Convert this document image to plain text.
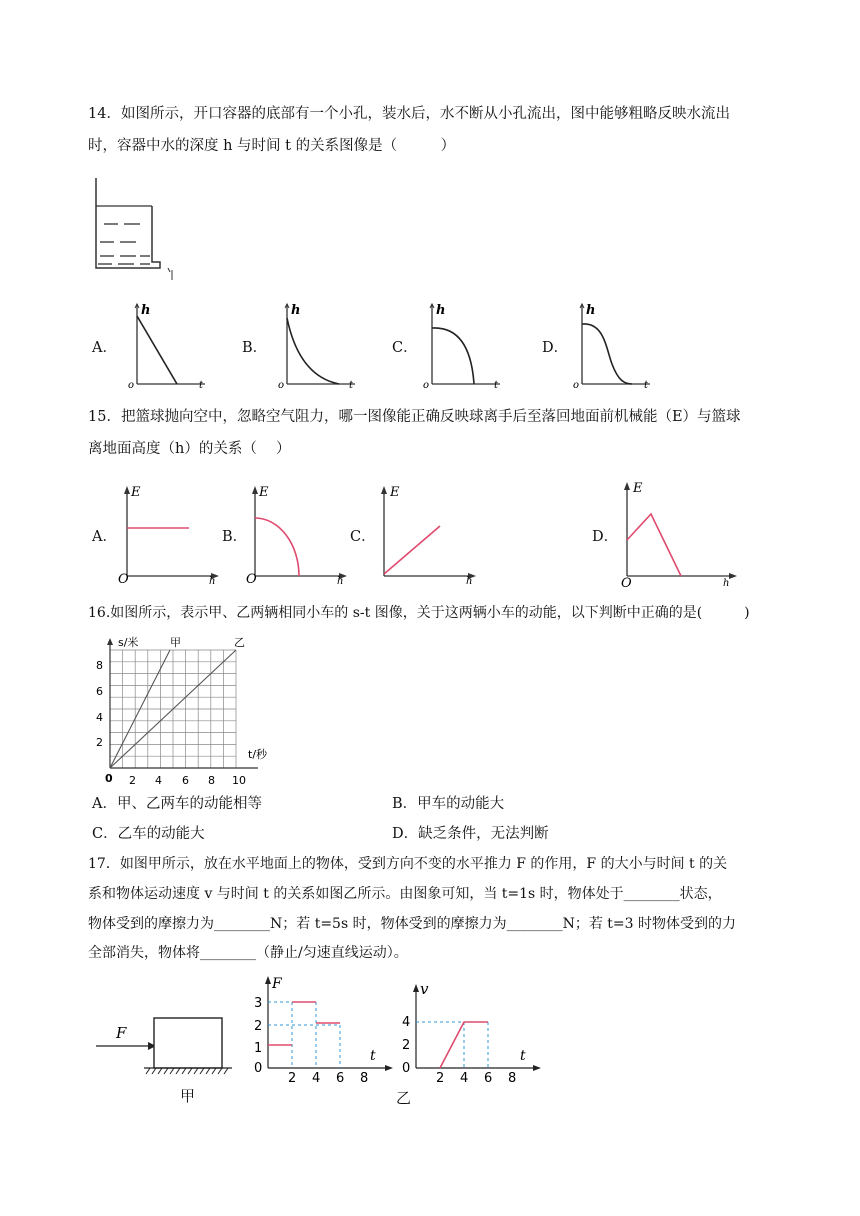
14．如图所示，开口容器的底部有一个小孔，装水后，水不断从小孔流出，图中能够粗略反映水流出
时，容器中水的深度 h 与时间 t 的关系图像是（　　　）
A．
h
o	t
B．
h
o	t
C．
h
o	t
D．
h
o	t
15．把篮球抛向空中，忽略空气阻力，哪一图像能正确反映球离手后至落回地面前机械能（E）与篮球
离地面高度（h）的关系（　 ）
A．
E
O	h
B．
E
O	h
C．
E
h
D．
E
O	h
16.如图所示，表示甲、乙两辆相同小车的 s-t 图像，关于这两辆小车的动能，以下判断中正确的是(　　　)
s/米	甲	乙
t/秒
0
2
4
6
8
2 4 6 8 10
A．甲、乙两车的动能相等	B．甲车的动能大
C．乙车的动能大	D．缺乏条件，无法判断
17．如图甲所示，放在水平地面上的物体，受到方向不变的水平推力 F 的作用，F 的大小与时间 t 的关
系和物体运动速度 v 与时间 t 的关系如图乙所示。由图象可知，当 t=1s 时，物体处于________状态，
物体受到的摩擦力为________N；若 t=5s 时，物体受到的摩擦力为________N；若 t=3 时物体受到的力
全部消失，物体将________（静止/匀速直线运动）。
F
甲
F
t
0
1
2
3
2 4 6 8
v
t
0
2
4
2 4 6 8
乙
